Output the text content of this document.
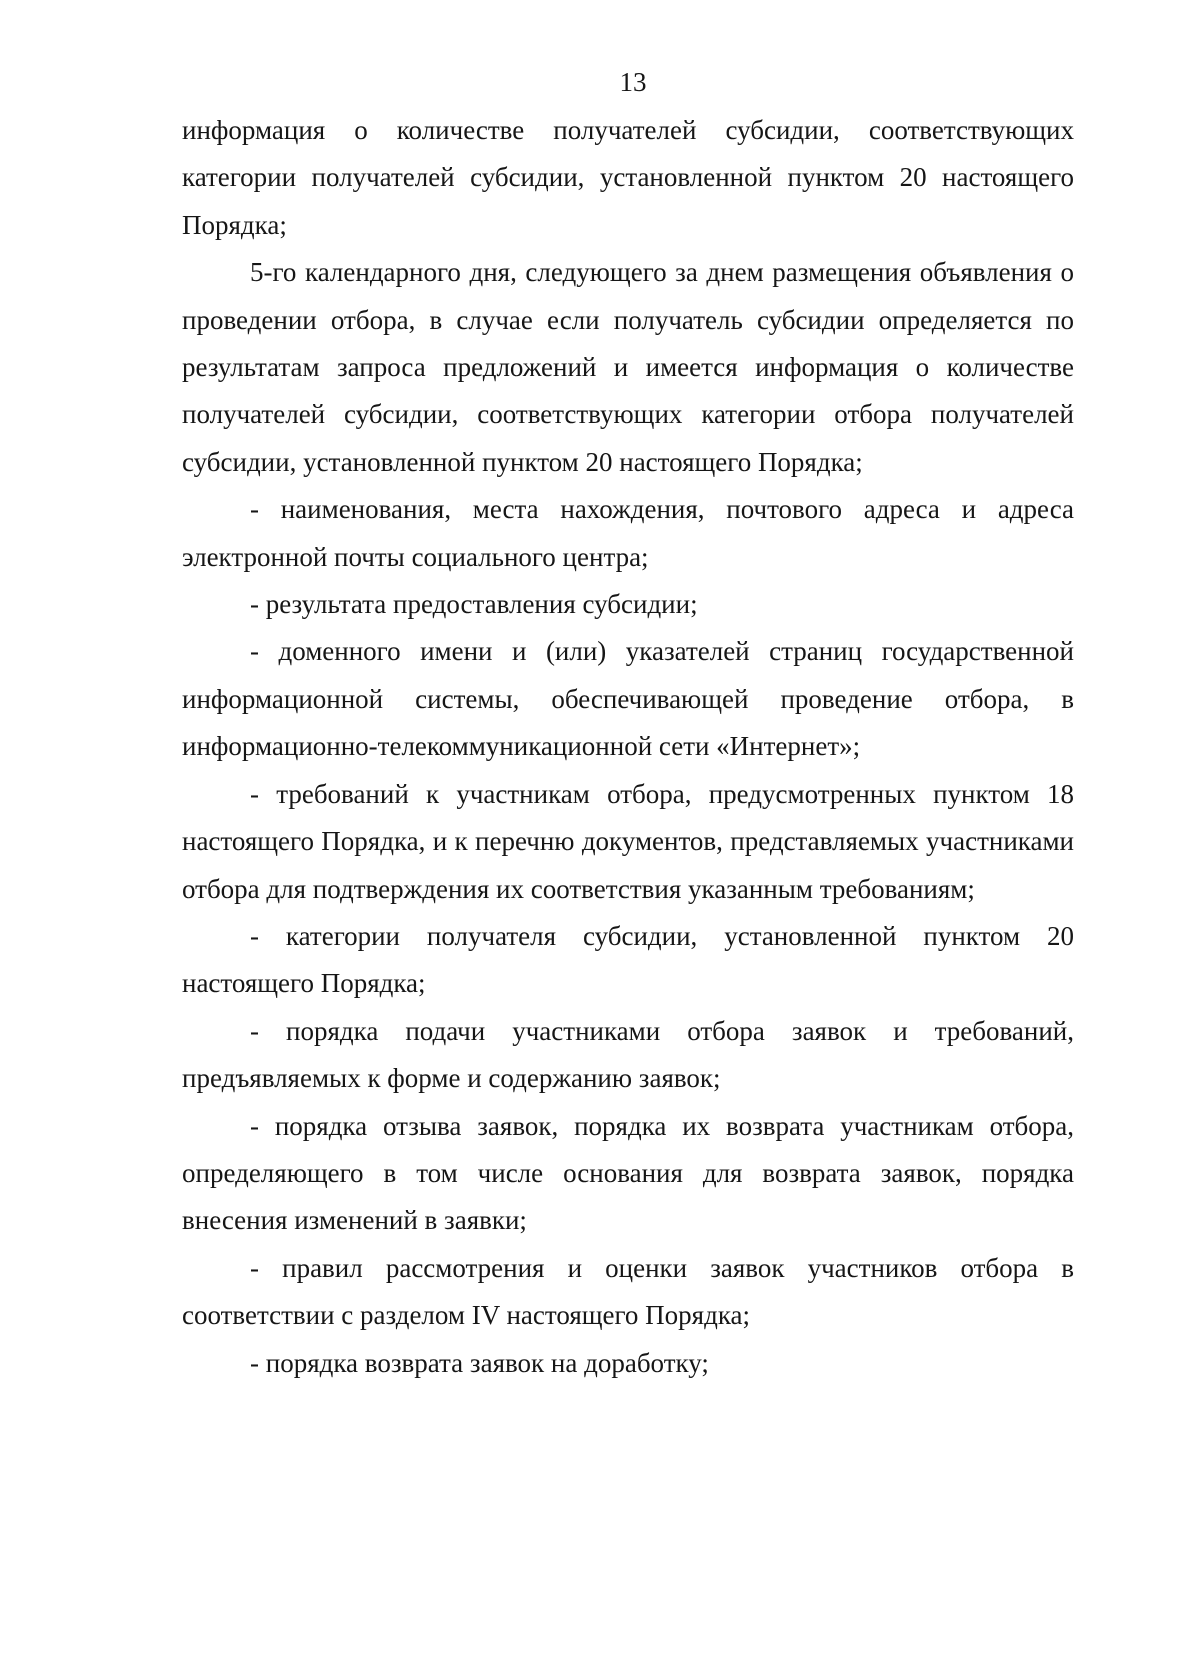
13

информация о количестве получателей субсидии, соответствующих категории получателей субсидии, установленной пунктом 20 настоящего Порядка;

5-го календарного дня, следующего за днем размещения объявления о проведении отбора, в случае если получатель субсидии определяется по результатам запроса предложений и имеется информация о количестве получателей субсидии, соответствующих категории отбора получателей субсидии, установленной пунктом 20 настоящего Порядка;

- наименования, места нахождения, почтового адреса и адреса электронной почты социального центра;

- результата предоставления субсидии;

- доменного имени и (или) указателей страниц государственной информационной системы, обеспечивающей проведение отбора, в информационно-телекоммуникационной сети «Интернет»;

- требований к участникам отбора, предусмотренных пунктом 18 настоящего Порядка, и к перечню документов, представляемых участниками отбора для подтверждения их соответствия указанным требованиям;

- категории получателя субсидии, установленной пунктом 20 настоящего Порядка;

- порядка подачи участниками отбора заявок и требований, предъявляемых к форме и содержанию заявок;

- порядка отзыва заявок, порядка их возврата участникам отбора, определяющего в том числе основания для возврата заявок, порядка внесения изменений в заявки;

- правил рассмотрения и оценки заявок участников отбора в соответствии с разделом IV настоящего Порядка;

- порядка возврата заявок на доработку;
